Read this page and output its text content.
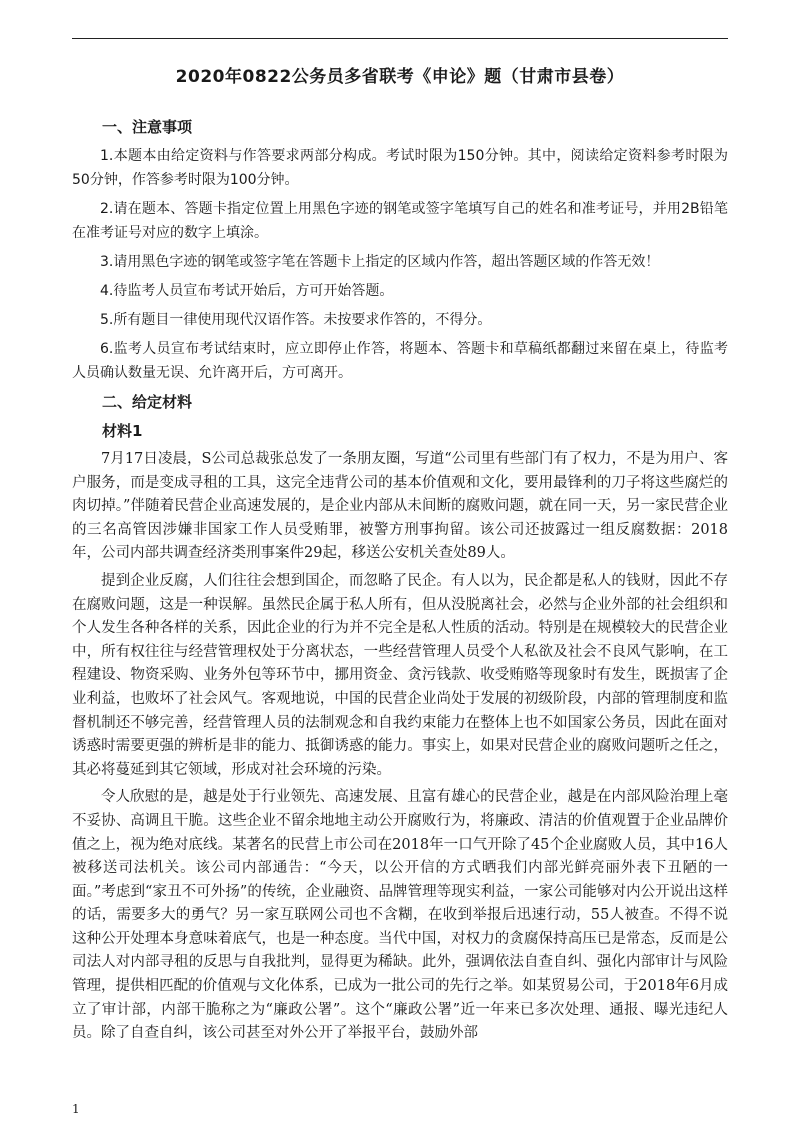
2020年0822公务员多省联考《申论》题（甘肃市县卷）
一、注意事项

1.本题本由给定资料与作答要求两部分构成。考试时限为150分钟。其中，阅读给定资料参考时限为50分钟，作答参考时限为100分钟。

2.请在题本、答题卡指定位置上用黑色字迹的钢笔或签字笔填写自己的姓名和准考证号，并用2B铅笔在准考证号对应的数字上填涂。

3.请用黑色字迹的钢笔或签字笔在答题卡上指定的区域内作答，超出答题区域的作答无效！

4.待监考人员宣布考试开始后，方可开始答题。

5.所有题目一律使用现代汉语作答。未按要求作答的，不得分。

6.监考人员宣布考试结束时，应立即停止作答，将题本、答题卡和草稿纸都翻过来留在桌上，待监考人员确认数量无误、允许离开后，方可离开。

二、给定材料
材料1

7月17日凌晨，S公司总裁张总发了一条朋友圈，写道“公司里有些部门有了权力，不是为用户、客户服务，而是变成寻租的工具，这完全违背公司的基本价值观和文化，要用最锋利的刀子将这些腐烂的肉切掉。”伴随着民营企业高速发展的，是企业内部从未间断的腐败问题，就在同一天，另一家民营企业的三名高管因涉嫌非国家工作人员受贿罪，被警方刑事拘留。该公司还披露过一组反腐数据：2018年，公司内部共调查经济类刑事案件29起，移送公安机关查处89人。

提到企业反腐，人们往往会想到国企，而忽略了民企。有人以为，民企都是私人的钱财，因此不存在腐败问题，这是一种误解。虽然民企属于私人所有，但从没脱离社会，必然与企业外部的社会组织和个人发生各种各样的关系，因此企业的行为并不完全是私人性质的活动。特别是在规模较大的民营企业中，所有权往往与经营管理权处于分离状态，一些经营管理人员受个人私欲及社会不良风气影响，在工程建设、物资采购、业务外包等环节中，挪用资金、贪污钱款、收受贿赂等现象时有发生，既损害了企业利益，也败坏了社会风气。客观地说，中国的民营企业尚处于发展的初级阶段，内部的管理制度和监督机制还不够完善，经营管理人员的法制观念和自我约束能力在整体上也不如国家公务员，因此在面对诱惑时需要更强的辨析是非的能力、抵御诱惑的能力。事实上，如果对民营企业的腐败问题听之任之，其必将蔓延到其它领域，形成对社会环境的污染。

令人欣慰的是，越是处于行业领先、高速发展、且富有雄心的民营企业，越是在内部风险治理上毫不妥协、高调且干脆。这些企业不留余地地主动公开腐败行为，将廉政、清洁的价值观置于企业品牌价值之上，视为绝对底线。某著名的民营上市公司在2018年一口气开除了45个企业腐败人员，其中16人被移送司法机关。该公司内部通告：“今天，以公开信的方式晒我们内部光鲜亮丽外表下丑陋的一面。”考虑到“家丑不可外扬”的传统，企业融资、品牌管理等现实利益，一家公司能够对内公开说出这样的话，需要多大的勇气？另一家互联网公司也不含糊，在收到举报后迅速行动，55人被查。不得不说这种公开处理本身意味着底气，也是一种态度。当代中国，对权力的贪腐保持高压已是常态，反而是公司法人对内部寻租的反思与自我批判，显得更为稀缺。此外，强调依法自查自纠、强化内部审计与风险管理，提供相匹配的价值观与文化体系，已成为一批公司的先行之举。如某贸易公司，于2018年6月成立了审计部，内部干脆称之为“廉政公署”。这个“廉政公署”近一年来已多次处理、通报、曝光违纪人员。除了自查自纠，该公司甚至对外公开了举报平台，鼓励外部

1
